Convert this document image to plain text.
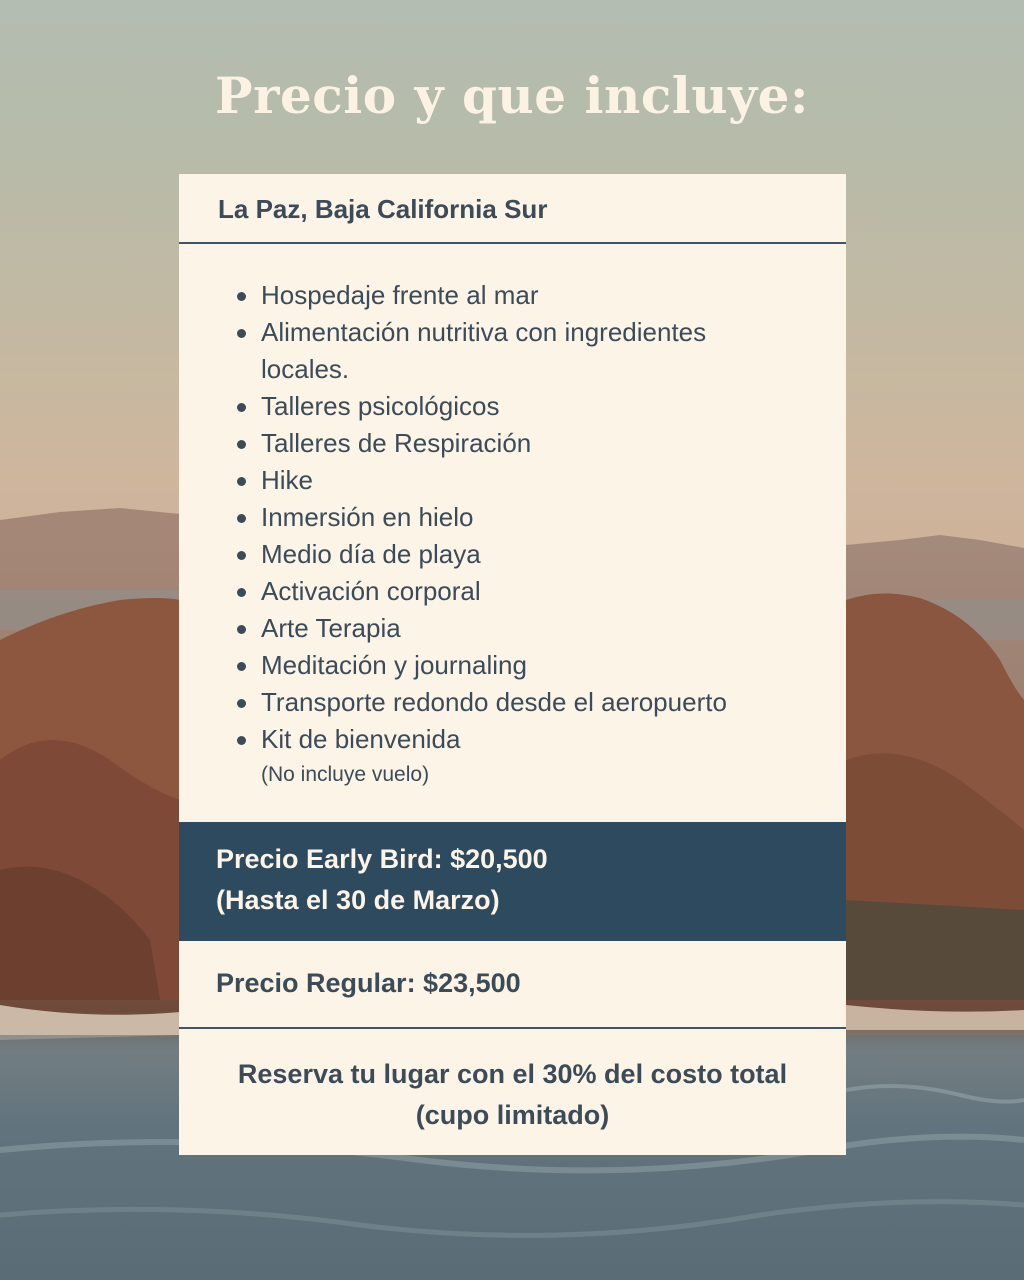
Precio y que incluye:
La Paz, Baja California Sur
Hospedaje frente al mar
Alimentación nutritiva con ingredientes locales.
Talleres psicológicos
Talleres de Respiración
Hike
Inmersión en hielo
Medio día de playa
Activación corporal
Arte Terapia
Meditación y journaling
Transporte redondo desde el aeropuerto
Kit de bienvenida
(No incluye vuelo)
Precio Early Bird: $20,500
(Hasta el 30 de Marzo)
Precio Regular: $23,500
Reserva tu lugar con el 30% del costo total
(cupo limitado)
